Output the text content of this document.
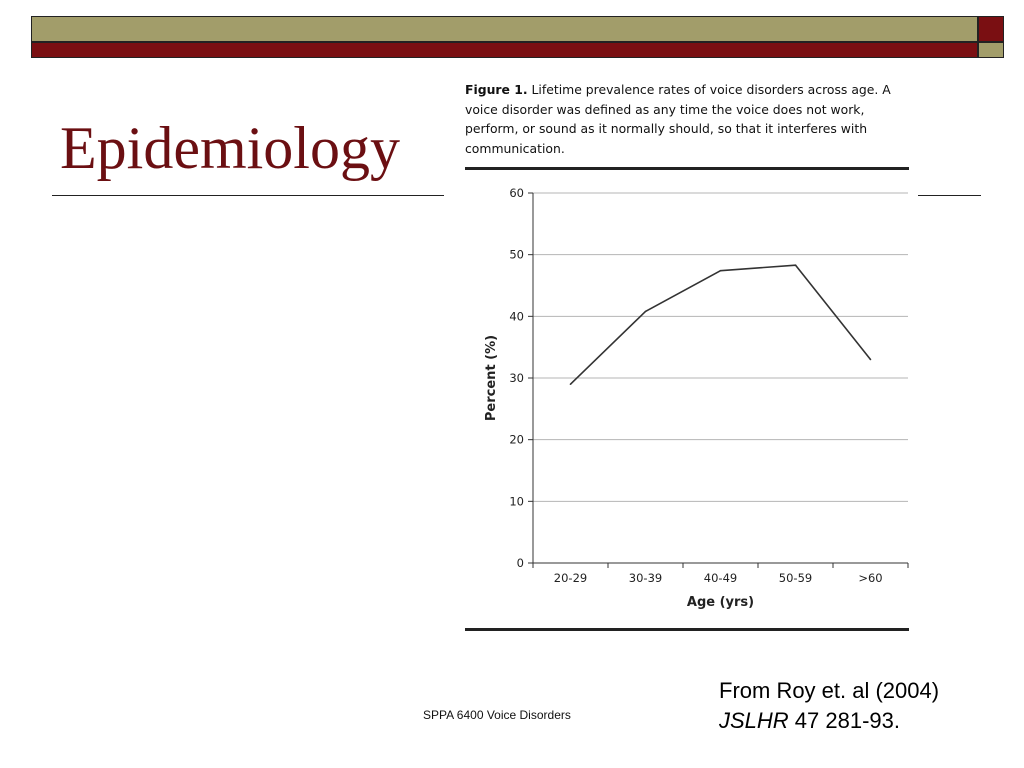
Epidemiology

Figure 1. Lifetime prevalence rates of voice disorders across age. A voice disorder was defined as any time the voice does not work, perform, or sound as it normally should, so that it interferes with communication.

0
10
20
30
40
50
60
20-29	30-39	40-49	50-59	>60
Age (yrs)
Percent (%)
SPPA 6400 Voice Disorders
From Roy et. al (2004)
JSLHR 47 281-93.
